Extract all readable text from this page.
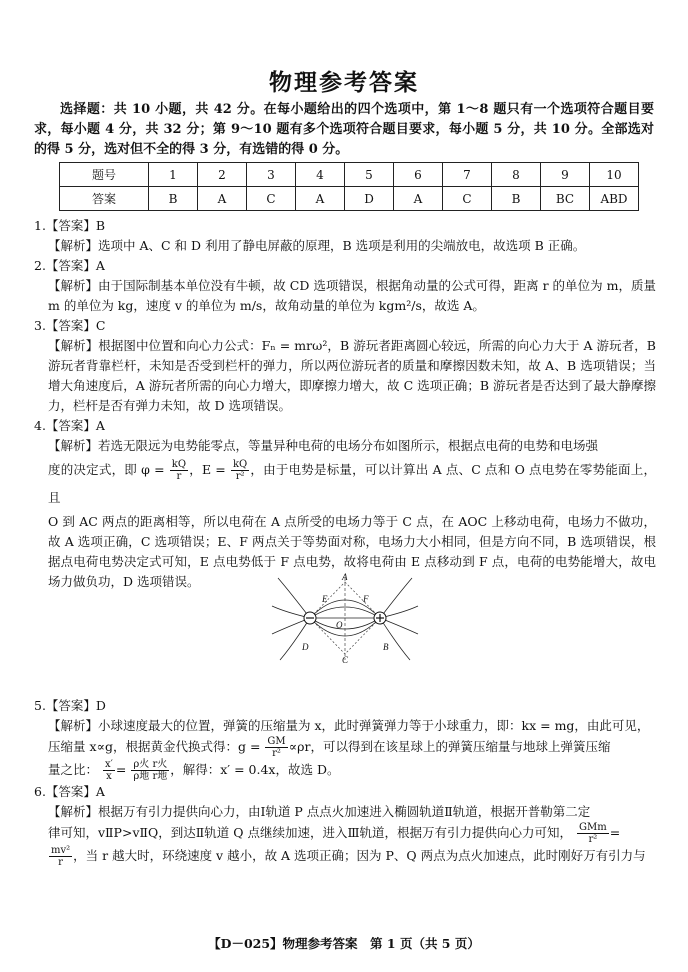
物理参考答案
选择题：共 10 小题，共 42 分。在每小题给出的四个选项中，第 1～8 题只有一个选项符合题目要求，每小题 4 分，共 32 分；第 9～10 题有多个选项符合题目要求，每小题 5 分，共 10 分。全部选对的得 5 分，选对但不全的得 3 分，有选错的得 0 分。
题号	1	2	3	4	5	6	7	8	9	10
答案	B	A	C	A	D	A	C	B	BC	ABD

1.【答案】B

【解析】选项中 A、C 和 D 利用了静电屏蔽的原理，B 选项是利用的尖端放电，故选项 B 正确。

2.【答案】A

【解析】由于国际制基本单位没有牛顿，故 CD 选项错误，根据角动量的公式可得，距离 r 的单位为 m，质量 m 的单位为 kg，速度 v 的单位为 m/s，故角动量的单位为 kgm²/s，故选 A。

3.【答案】C

【解析】根据图中位置和向心力公式：Fₙ = mrω²，B 游玩者距离圆心较远，所需的向心力大于 A 游玩者，B 游玩者背靠栏杆，未知是否受到栏杆的弹力，所以两位游玩者的质量和摩擦因数未知，故 A、B 选项错误；当增大角速度后，A 游玩者所需的向心力增大，即摩擦力增大，故 C 选项正确；B 游玩者是否达到了最大静摩擦力，栏杆是否有弹力未知，故 D 选项错误。

4.【答案】A

【解析】若选无限远为电势能零点，等量异种电荷的电场分布如图所示，根据点电荷的电势和电场强
度的决定式，即 $\varphi = \frac{kQ}{r}$ ，$E = \frac{kQ}{\text{r²}}$ ，由于电势是标量，可以计算出 A 点、C 点和 O 点电势在零势能面上，且
O 到 AC 两点的距离相等，所以电荷在 A 点所受的电场力等于 C 点，在 AOC 上移动电荷，电场力不做功，故 A 选项正确，C 选项错误；E、F 两点关于等势面对称，电场力大小相同，但是方向不同，B 选项错误，根据点电荷电势决定式可知，E 点电势低于 F 点电势，故将电荷由 E 点移动到 F 点，电荷的电势能增大，故电场力做负功，D 选项错误。

5.【答案】D

【解析】小球速度最大的位置，弹簧的压缩量为 x，此时弹簧弹力等于小球重力，即：kx = mg，由此可见，
压缩量 x∝g，根据黄金代换式得：$g = \frac{GM}{\text{r²}} \propto\rho r$，可以得到在该星球上的弹簧压缩量与地球上弹簧压缩
量之比： $\frac{x'}{x} = \frac{\text{ρ火 r火}}{\text{ρ地 r地}}$ ，解得：x′ = 0.4x，故选 D。

6.【答案】A

【解析】根据万有引力提供向心力，由Ⅰ轨道 P 点点火加速进入椭圆轨道Ⅱ轨道，根据开普勒第二定
律可知，vⅡP>vⅡQ，到达Ⅱ轨道 Q 点继续加速，进入Ⅲ轨道，根据万有引力提供向心力可知， $\frac{\text{GMm}}{\text{r²}}$ =

$\frac{\text{mv²}}{r}$ ，当 r 越大时，环绕速度 v 越小，故 A 选项正确；因为 P、Q 两点为点火加速点，此时刚好万有引力与
A
B
C
D
E	F
O
【D－025】物理参考答案　第 1 页（共 5 页）
